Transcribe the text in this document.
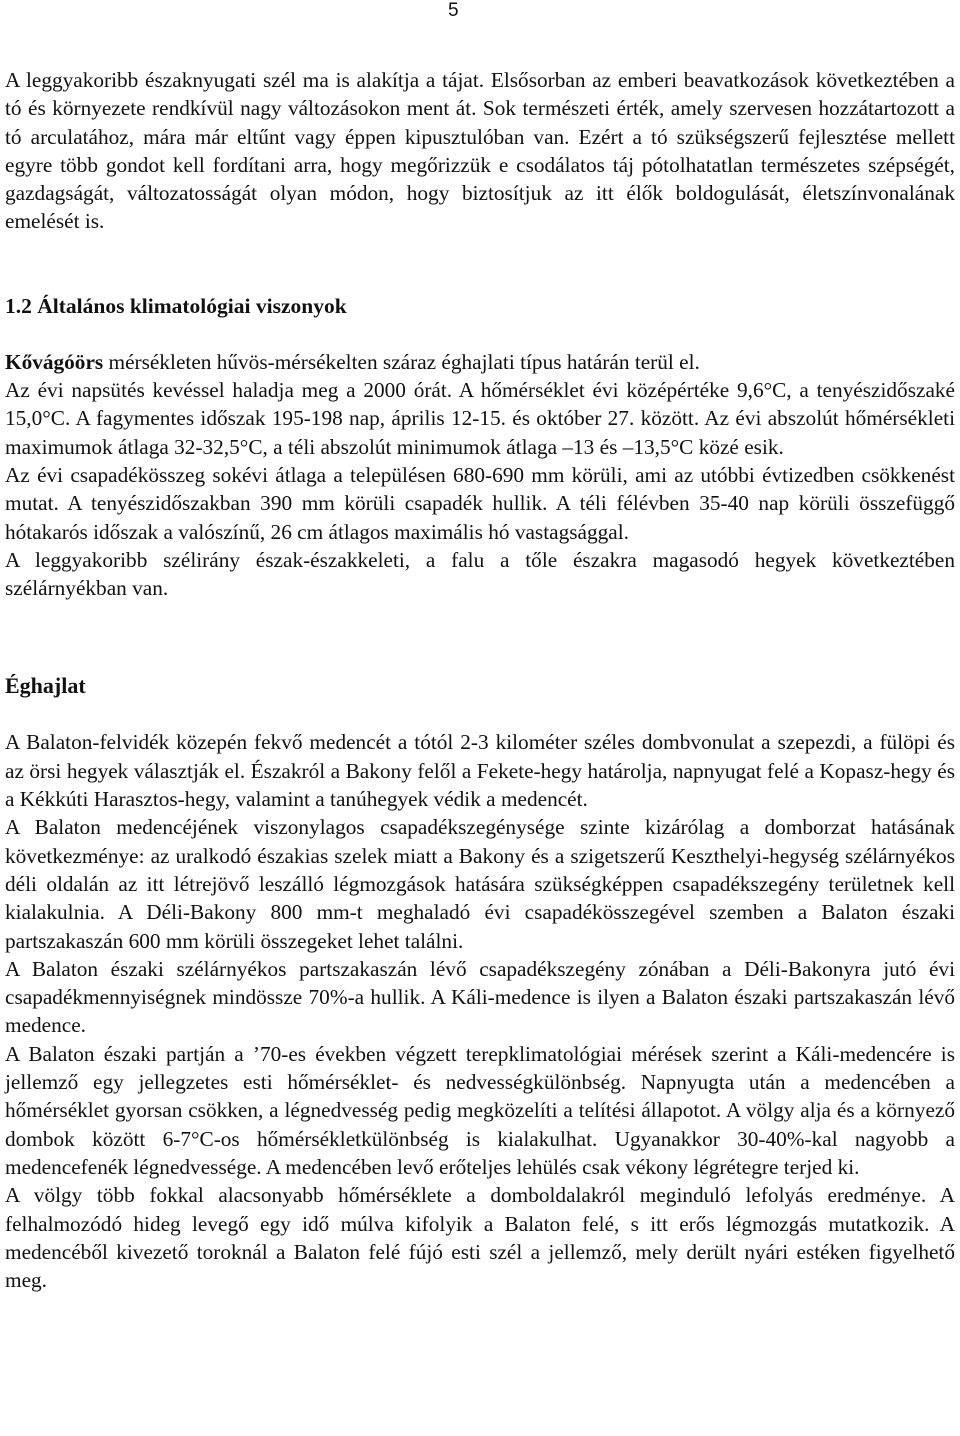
5

A leggyakoribb északnyugati szél ma is alakítja a tájat. Elsősorban az emberi beavatkozások következtében a tó és környezete rendkívül nagy változásokon ment át. Sok természeti érték, amely szervesen hozzátartozott a tó arculatához, mára már eltűnt vagy éppen kipusztulóban van. Ezért a tó szükségszerű fejlesztése mellett egyre több gondot kell fordítani arra, hogy megőrizzük e csodálatos táj pótolhatatlan természetes szépségét, gazdagságát, változatosságát olyan módon, hogy biztosítjuk az itt élők boldogulását, életszínvonalának emelését is.

1.2 Általános klimatológiai viszonyok

Kővágóörs mérsékleten hűvös-mérsékelten száraz éghajlati típus határán terül el.

Az évi napsütés kevéssel haladja meg a 2000 órát. A hőmérséklet évi középértéke 9,6°C, a tenyészidőszaké 15,0°C. A fagymentes időszak 195-198 nap, április 12-15. és október 27. között. Az évi abszolút hőmérsékleti maximumok átlaga 32-32,5°C, a téli abszolút minimumok átlaga –13 és –13,5°C közé esik.

Az évi csapadékösszeg sokévi átlaga a településen 680-690 mm körüli, ami az utóbbi évtizedben csökkenést mutat. A tenyészidőszakban 390 mm körüli csapadék hullik. A téli félévben 35-40 nap körüli összefüggő hótakarós időszak a valószínű, 26 cm átlagos maximális hó vastagsággal.

A leggyakoribb szélirány észak-északkeleti, a falu a tőle északra magasodó hegyek következtében szélárnyékban van.

Éghajlat

A Balaton-felvidék közepén fekvő medencét a tótól 2-3 kilométer széles dombvonulat a szepezdi, a fülöpi és az örsi hegyek választják el. Északról a Bakony felől a Fekete-hegy határolja, napnyugat felé a Kopasz-hegy és a Kékkúti Harasztos-hegy, valamint a tanúhegyek védik a medencét.

A Balaton medencéjének viszonylagos csapadékszegénysége szinte kizárólag a domborzat hatásának következménye: az uralkodó északias szelek miatt a Bakony és a szigetszerű Keszthelyi-hegység szélárnyékos déli oldalán az itt létrejövő leszálló légmozgások hatására szükségképpen csapadékszegény területnek kell kialakulnia. A Déli-Bakony 800 mm-t meghaladó évi csapadékösszegével szemben a Balaton északi partszakaszán 600 mm körüli összegeket lehet találni.

A Balaton északi szélárnyékos partszakaszán lévő csapadékszegény zónában a Déli-Bakonyra jutó évi csapadékmennyiségnek mindössze 70%-a hullik. A Káli-medence is ilyen a Balaton északi partszakaszán lévő medence.

A Balaton északi partján a ’70-es években végzett terepklimatológiai mérések szerint a Káli-medencére is jellemző egy jellegzetes esti hőmérséklet- és nedvességkülönbség. Napnyugta után a medencében a hőmérséklet gyorsan csökken, a légnedvesség pedig megközelíti a telítési állapotot. A völgy alja és a környező dombok között 6-7°C-os hőmérsékletkülönbség is kialakulhat. Ugyanakkor 30-40%-kal nagyobb a medencefenék légnedvessége. A medencében levő erőteljes lehülés csak vékony légrétegre terjed ki.

A völgy több fokkal alacsonyabb hőmérséklete a domboldalakról meginduló lefolyás eredménye. A felhalmozódó hideg levegő egy idő múlva kifolyik a Balaton felé, s itt erős légmozgás mutatkozik. A medencéből kivezető toroknál a Balaton felé fújó esti szél a jellemző, mely derült nyári estéken figyelhető meg.
